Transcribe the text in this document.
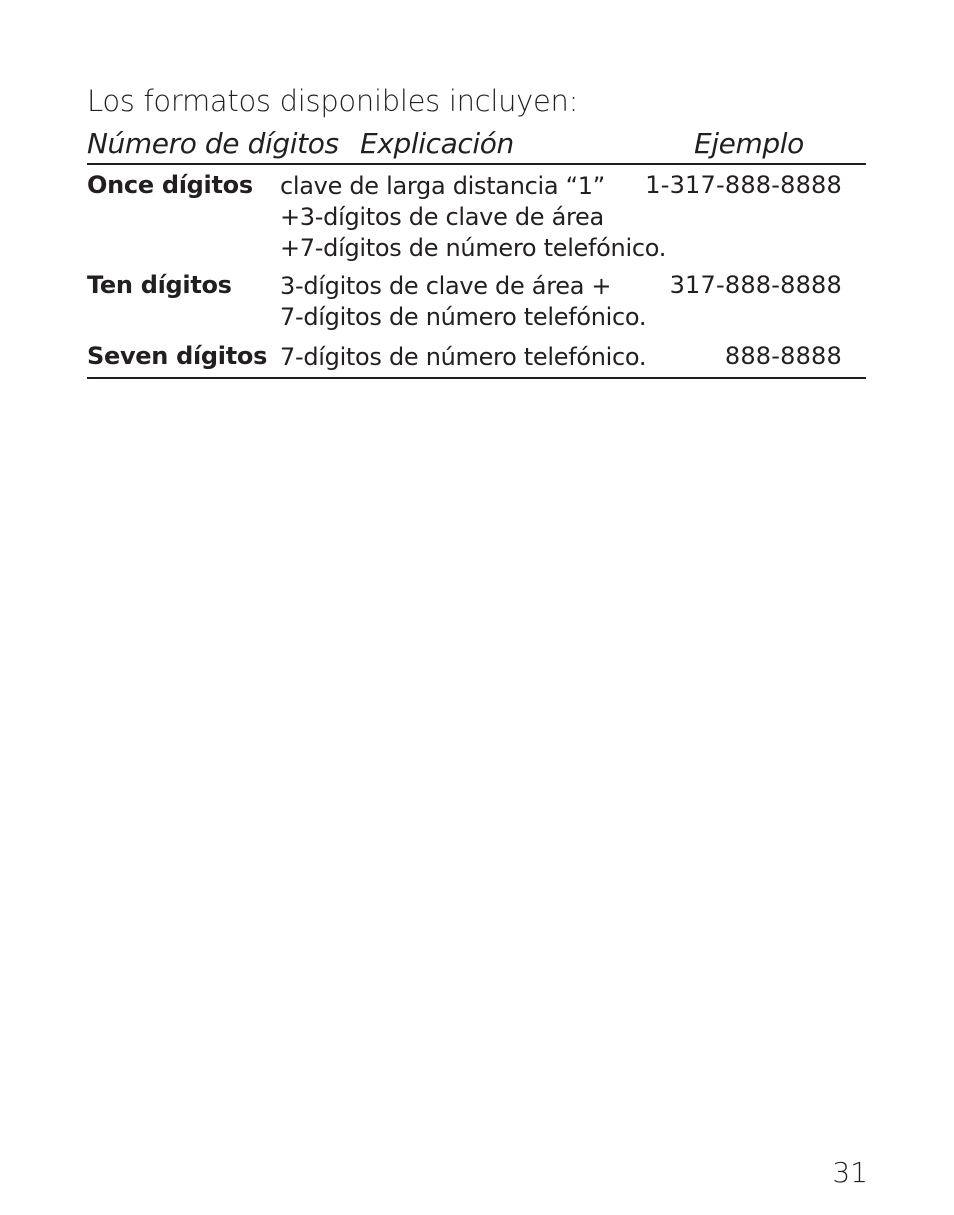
Los formatos disponibles incluyen:
Número de dígitos Explicación	Ejemplo
Once dígitos clave de larga distancia “1”
+3-dígitos de clave de área
+7-dígitos de número telefónico.
1-317-888-8888
Ten dígitos 3-dígitos de clave de área +
7-dígitos de número telefónico.
317-888-8888
Seven dígitos 7-dígitos de número telefónico.	888-8888
31
